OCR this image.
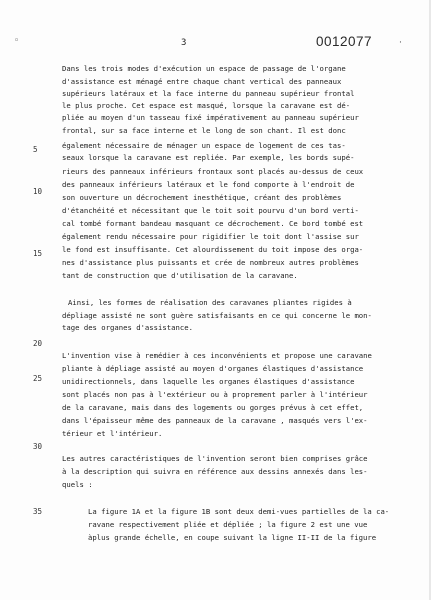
◦	·
3	0012077
5
10
15
20
25
30
35
Dans les trois modes d'exécution un espace de passage de l'organe
d'assistance est ménagé entre chaque chant vertical des panneaux
supérieurs latéraux et la face interne du panneau supérieur frontal
le plus proche. Cet espace est masqué, lorsque la caravane est dé-
pliée au moyen d'un tasseau fixé impérativement au panneau supérieur
frontal, sur sa face interne et le long de son chant. Il est donc
également nécessaire de ménager un espace de logement de ces tas-
seaux lorsque la caravane est repliée. Par exemple, les bords supé-
rieurs des panneaux inférieurs frontaux sont placés au-dessus de ceux
des panneaux inférieurs latéraux et le fond comporte à l'endroit de
son ouverture un décrochement inesthétique, créant des problèmes
d'étanchéité et nécessitant que le toit soit pourvu d'un bord verti-
cal tombé formant bandeau masquant ce décrochement. Ce bord tombé est
également rendu nécessaire pour rigidifier le toit dont l'assise sur
le fond est insuffisante. Cet alourdissement du toit impose des orga-
nes d'assistance plus puissants et crée de nombreux autres problèmes
tant de construction que d'utilisation de la caravane.
Ainsi, les formes de réalisation des caravanes pliantes rigides à
dépliage assisté ne sont guère satisfaisants en ce qui concerne le mon-
tage des organes d'assistance.
L'invention vise à remédier à ces inconvénients et propose une caravane
pliante à dépliage assisté au moyen d'organes élastiques d'assistance
unidirectionnels, dans laquelle les organes élastiques d'assistance
sont placés non pas à l'extérieur ou à proprement parler à l'intérieur
de la caravane, mais dans des logements ou gorges prévus à cet effet,
dans l'épaisseur même des panneaux de la caravane , masqués vers l'ex-
térieur et l'intérieur.
Les autres caractéristiques de l'invention seront bien comprises grâce
à la description qui suivra en référence aux dessins annexés dans les-
quels :
La figure 1A et la figure 1B sont deux demi-vues partielles de la ca-
ravane respectivement pliée et dépliée ; la figure 2 est une vue
àplus grande échelle, en coupe suivant la ligne II-II de la figure
